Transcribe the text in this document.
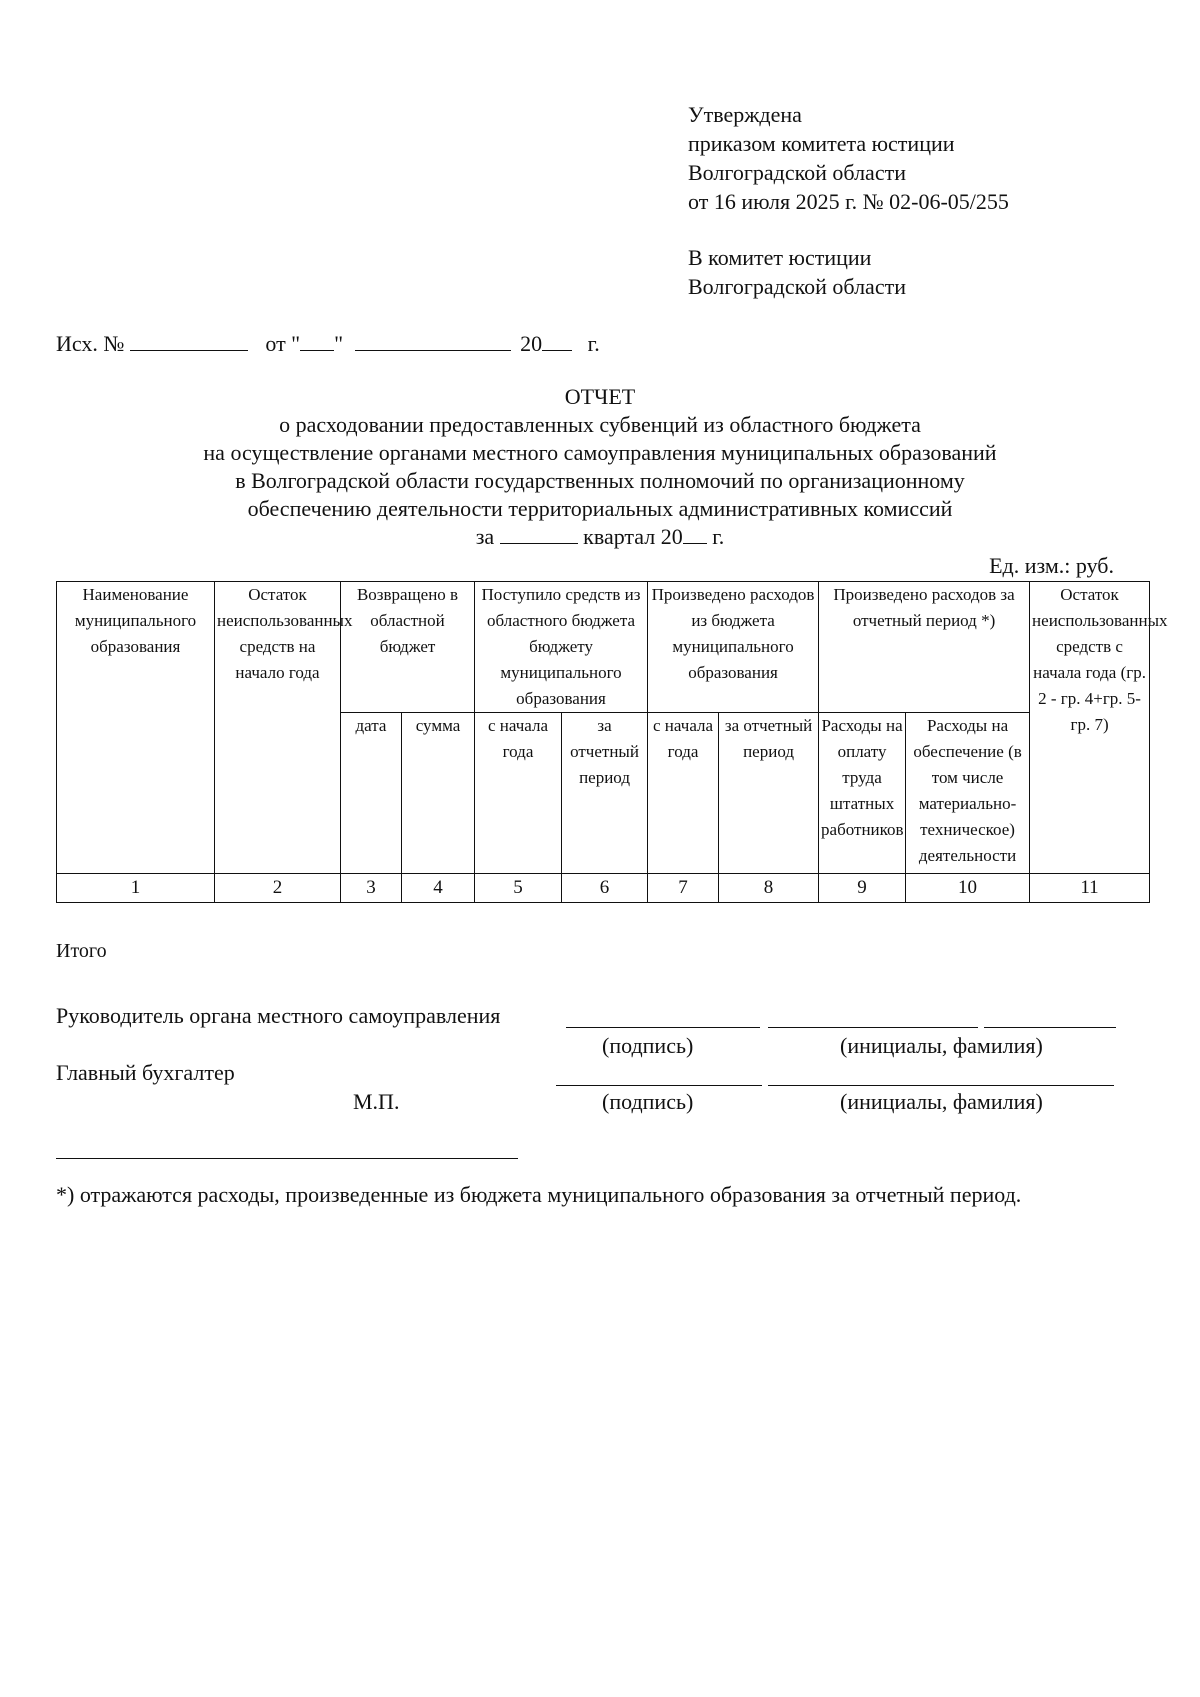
Утверждена
приказом комитета юстиции
Волгоградской области
от 16 июля 2025 г. № 02-06-05/255
В комитет юстиции
Волгоградской области
Исх. №	от " "	20 г.
ОТЧЕТ
о расходовании предоставленных субвенций из областного бюджета
на осуществление органами местного самоуправления муниципальных образований
в Волгоградской области государственных полномочий по организационному
обеспечению деятельности территориальных административных комиссий
за	квартал 20 г.
Ед. изм.: руб.
Наименование муниципального образования	Остаток неиспользованных средств на начало года	Возвращено в областной бюджет		Поступило средств из областного бюджета бюджету муниципального образования		Произведено расходов из бюджета муниципального образования		Произведено расходов за отчетный период *)		Остаток неиспользованных средств с начала года (гр. 2 - гр. 4+гр. 5-гр. 7)
		дата	сумма	с начала года	за отчетный период	с начала года	за отчетный период	Расходы на оплату труда штатных работников	Расходы на обеспечение (в том числе материально-техническое) деятельности	
1	2	3	4	5	6	7	8	9	10	11
Итого
Руководитель органа местного самоуправления
(подпись)	(инициалы, фамилия)
Главный бухгалтер
М.П.	(подпись)	(инициалы, фамилия)
*) отражаются расходы, произведенные из бюджета муниципального образования за отчетный период.
